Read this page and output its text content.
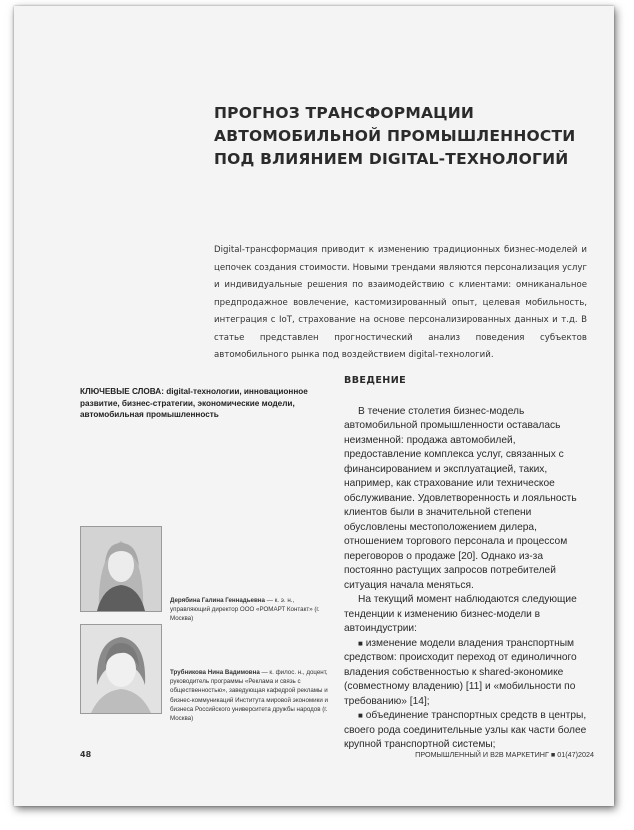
ПРОГНОЗ ТРАНСФОРМАЦИИ
АВТОМОБИЛЬНОЙ ПРОМЫШЛЕННОСТИ
ПОД ВЛИЯНИЕМ DIGITAL-ТЕХНОЛОГИЙ
Digital-трансформация приводит к изменению традиционных бизнес-моделей и цепочек создания стоимости. Новыми трендами являются персонализация услуг и индивидуальные решения по взаимодействию с клиентами: омниканальное предпродажное вовлечение, кастомизированный опыт, целевая мобильность, интеграция с IoT, страхование на основе персонализированных данных и т.д. В статье представлен прогностический анализ поведения субъектов автомобильного рынка под воздействием digital-технологий.
КЛЮЧЕВЫЕ СЛОВА: digital-технологии, инновационное развитие, бизнес-стратегии, экономические модели, автомобильная промышленность
Дерябина Галина Геннадьевна — к. э. н., управляющий директор ООО «РОМАРТ Контакт» (г. Москва)
Трубникова Нина Вадимовна — к. филос. н., доцент, руководитель программы «Реклама и связь с общественностью», заведующая кафедрой рекламы и бизнес-коммуникаций Института мировой экономики и бизнеса Российского университета дружбы народов (г. Москва)
ВВЕДЕНИЕ

В течение столетия бизнес-модель автомобильной промышленности оставалась неизменной: продажа автомобилей, предоставление комплекса услуг, связанных с финансированием и эксплуатацией, таких, например, как страхование или техническое обслуживание. Удовлетворенность и лояльность клиентов были в значительной степени обусловлены местоположением дилера, отношением торгового персонала и процессом переговоров о продаже [20]. Однако из-за постоянно растущих запросов потребителей ситуация начала меняться.

На текущий момент наблюдаются следующие тенденции к изменению бизнес-модели в автоиндустрии:

■ изменение модели владения транспортным средством: происходит переход от единоличного владения собственностью к shared-экономике (совместному владению) [11] и «мобильности по требованию» [14];

■ объединение транспортных средств в центры, своего рода соединительные узлы как части более крупной транспортной системы;

48	ПРОМЫШЛЕННЫЙ И B2B МАРКЕТИНГ ■ 01(47)2024
